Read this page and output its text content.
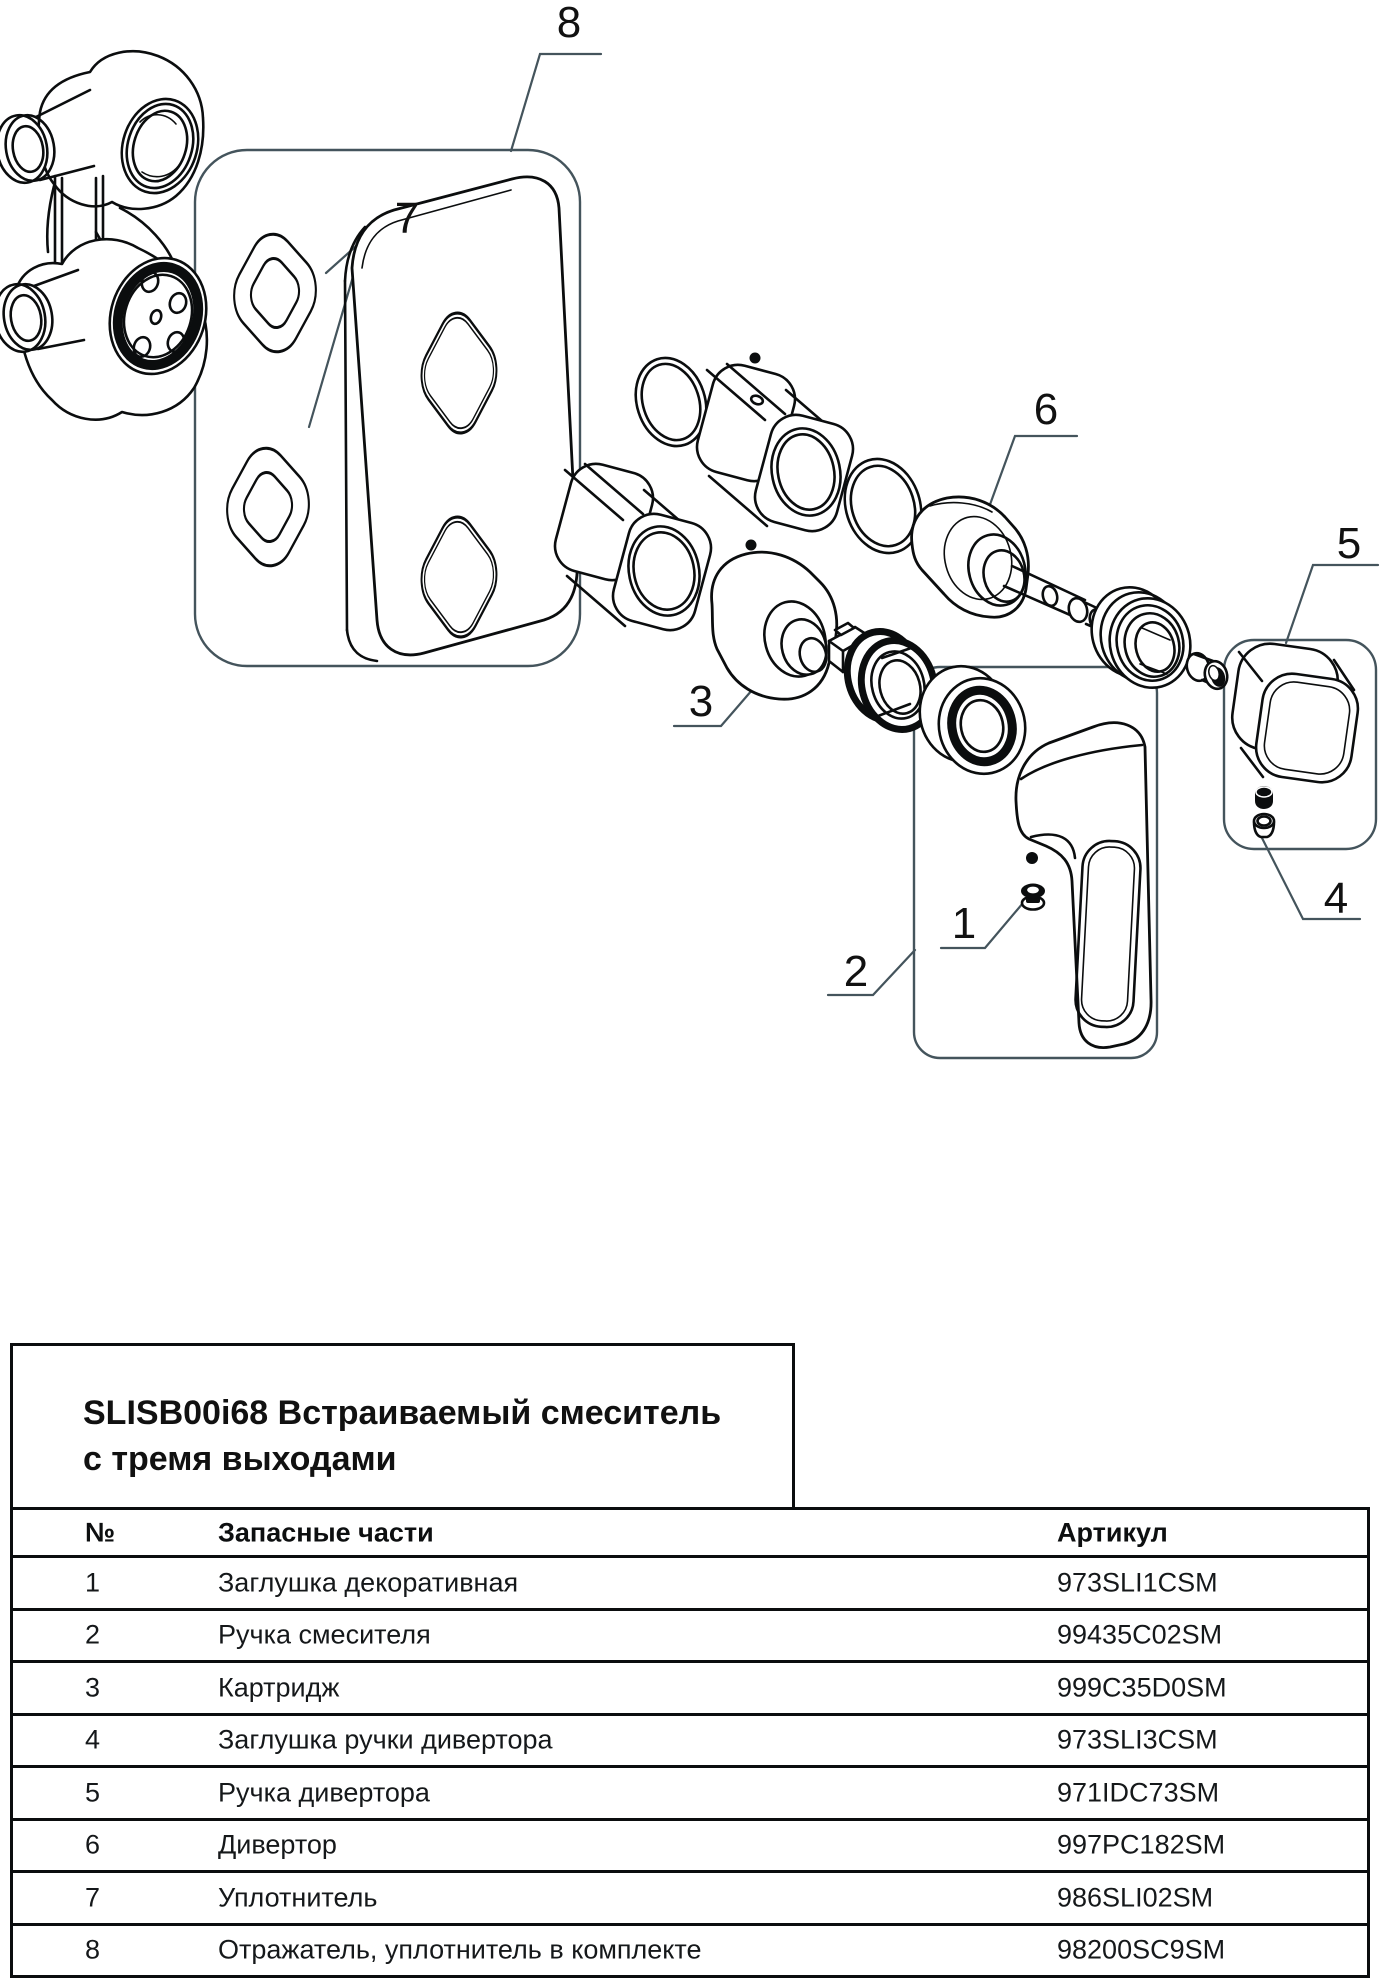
1
2
3
4
5
6
7
8
SLISB00i68 Встраиваемый смеситель
с тремя выходами
№	Запасные части	Артикул
1	Заглушка декоративная	973SLI1CSM
2	Ручка смесителя	99435C02SM
3	Картридж	999C35D0SM
4	Заглушка ручки дивертора	973SLI3CSM
5	Ручка дивертора	971IDC73SM
6	Дивертор	997PC182SM
7	Уплотнитель	986SLI02SM
8	Отражатель, уплотнитель в комплекте	98200SC9SM
